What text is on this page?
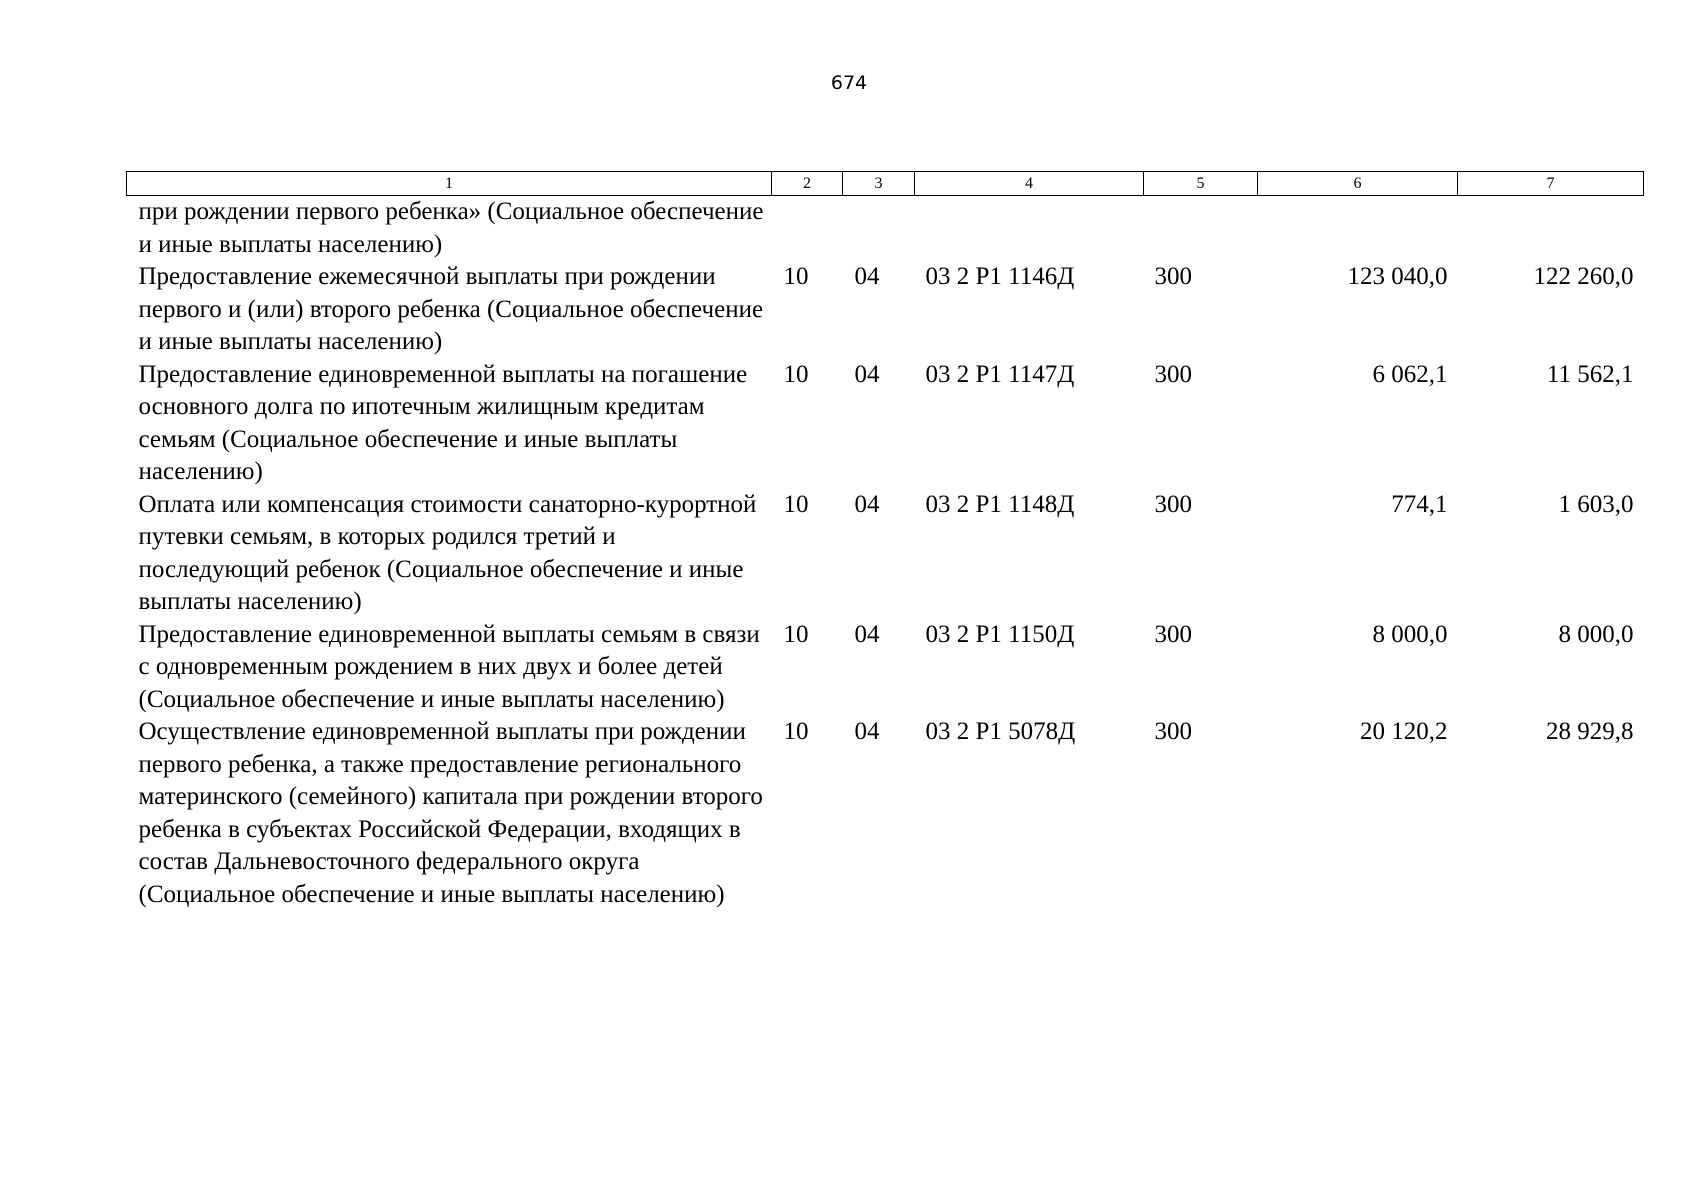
674
1	2	3	4	5	6	7
при рождении первого ребенка» (Социальное обеспечение и иные выплаты населению)						
Предоставление ежемесячной выплаты при рождении первого и (или) второго ребенка (Социальное обеспечение и иные выплаты населению)	10	04	03 2 Р1 1146Д	300	123 040,0	122 260,0
Предоставление единовременной выплаты на погашение основного долга по ипотечным жилищным кредитам семьям (Социальное обеспечение и иные выплаты населению)	10	04	03 2 Р1 1147Д	300	6 062,1	11 562,1
Оплата или компенсация стоимости санаторно-курортной путевки семьям, в которых родился третий и последующий ребенок (Социальное обеспечение и иные выплаты населению)	10	04	03 2 Р1 1148Д	300	774,1	1 603,0
Предоставление единовременной выплаты семьям в связи с одновременным рождением в них двух и более детей (Социальное обеспечение и иные выплаты населению)	10	04	03 2 Р1 1150Д	300	8 000,0	8 000,0
Осуществление единовременной выплаты при рождении первого ребенка, а также предоставление регионального материнского (семейного) капитала при рождении второго ребенка в субъектах Российской Федерации, входящих в состав Дальневосточного федерального округа (Социальное обеспечение и иные выплаты населению)	10	04	03 2 Р1 5078Д	300	20 120,2	28 929,8
